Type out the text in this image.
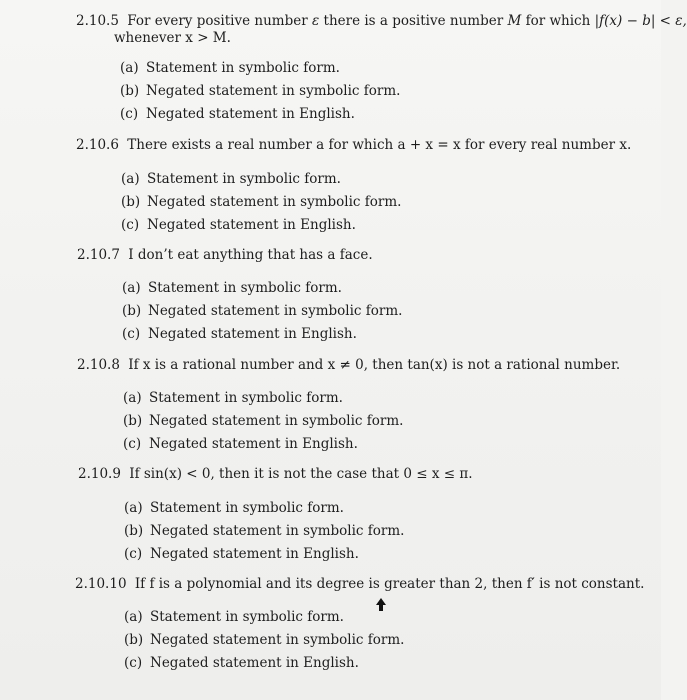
2.10.5 For every positive number ε there is a positive number M for which |f(x) − b| < ε,
whenever x > M.
(a) Statement in symbolic form.
(b) Negated statement in symbolic form.
(c) Negated statement in English.
2.10.6 There exists a real number a for which a + x = x for every real number x.
(a) Statement in symbolic form.
(b) Negated statement in symbolic form.
(c) Negated statement in English.
2.10.7 I don’t eat anything that has a face.
(a) Statement in symbolic form.
(b) Negated statement in symbolic form.
(c) Negated statement in English.
2.10.8 If x is a rational number and x ≠ 0, then tan(x) is not a rational number.
(a) Statement in symbolic form.
(b) Negated statement in symbolic form.
(c) Negated statement in English.
2.10.9 If sin(x) < 0, then it is not the case that 0 ≤ x ≤ π.
(a) Statement in symbolic form.
(b) Negated statement in symbolic form.
(c) Negated statement in English.
2.10.10 If f is a polynomial and its degree is greater than 2, then f′ is not constant.
(a) Statement in symbolic form.
(b) Negated statement in symbolic form.
(c) Negated statement in English.
